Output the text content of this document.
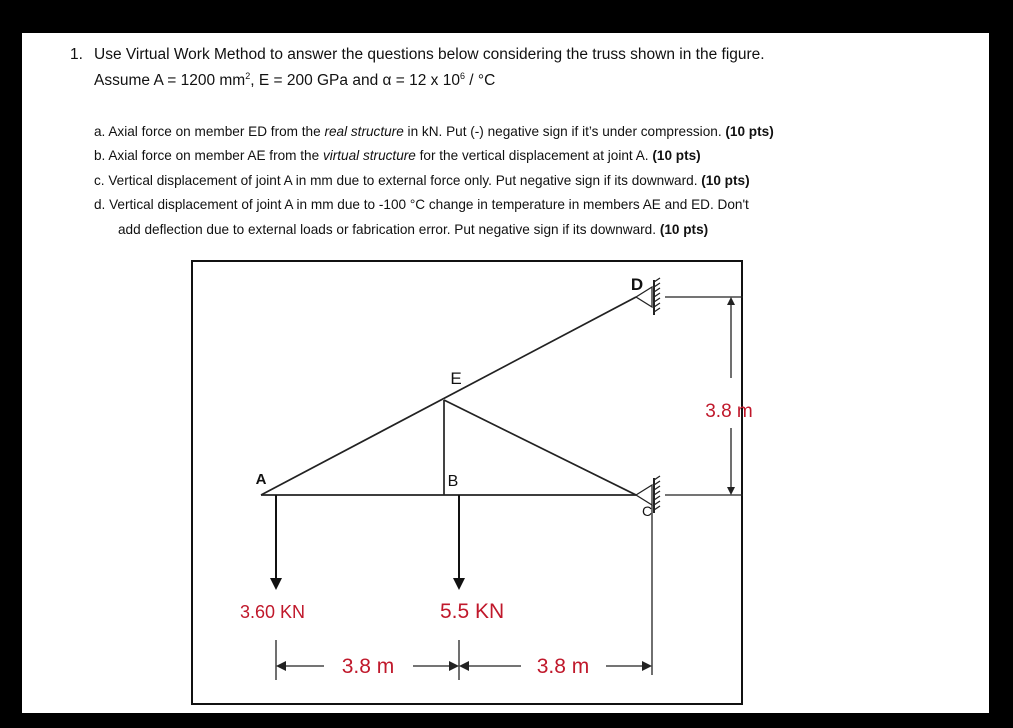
1. Use Virtual Work Method to answer the questions below considering the truss shown in the figure.
Assume A = 1200 $mm^2$, E = 200 GPa and α = 12 x $10^6 / ^\circ C$
a. Axial force on member ED from the real structure in kN. Put (-) negative sign if it’s under compression. (10 pts)
b. Axial force on member AE from the virtual structure for the vertical displacement at joint A. (10 pts)
c. Vertical displacement of joint A in mm due to external force only. Put negative sign if its downward. (10 pts)
d. Vertical displacement of joint A in mm due to -100 °C change in temperature in members AE and ED. Don't
add deflection due to external loads or fabrication error. Put negative sign if its downward. (10 pts)
D
E
A	B
C
3.60 KN	5.5 KN
3.8 m
3.8 m	3.8 m
